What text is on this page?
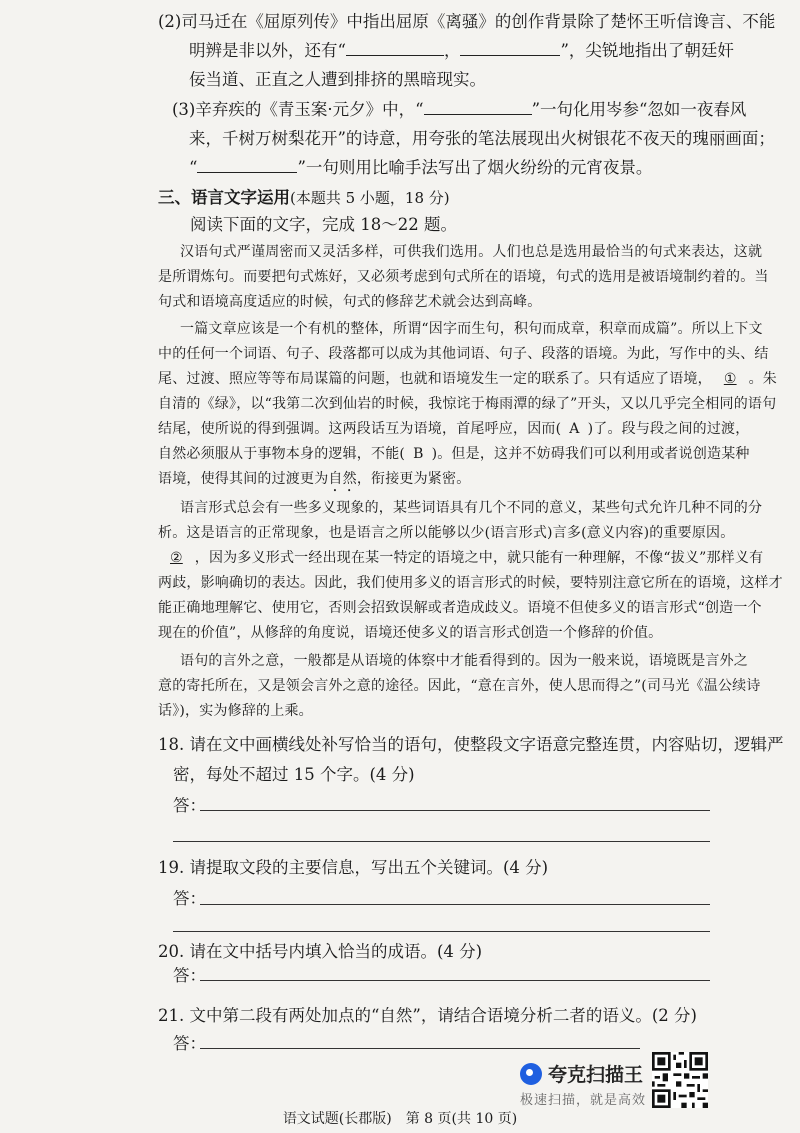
(2)司马迁在《屈原列传》中指出屈原《离骚》的创作背景除了楚怀王听信谗言、不能
明辨是非以外，还有“	，	”，尖锐地指出了朝廷奸
佞当道、正直之人遭到排挤的黑暗现实。
(3)辛弃疾的《青玉案·元夕》中，“	”一句化用岑参“忽如一夜春风
来，千树万树梨花开”的诗意，用夸张的笔法展现出火树银花不夜天的瑰丽画面；
“	”一句则用比喻手法写出了烟火纷纷的元宵夜景。
三、语言文字运用(本题共 5 小题，18 分)
阅读下面的文字，完成 18～22 题。
汉语句式严谨周密而又灵活多样，可供我们选用。人们也总是选用最恰当的句式来表达，这就
是所谓炼句。而要把句式炼好，又必须考虑到句式所在的语境，句式的选用是被语境制约着的。当
句式和语境高度适应的时候，句式的修辞艺术就会达到高峰。
一篇文章应该是一个有机的整体，所谓“因字而生句，积句而成章，积章而成篇”。所以上下文
中的任何一个词语、句子、段落都可以成为其他词语、句子、段落的语境。为此，写作中的头、结
尾、过渡、照应等等布局谋篇的问题，也就和语境发生一定的联系了。只有适应了语境， ① 。朱
自清的《绿》，以“我第二次到仙岩的时候，我惊诧于梅雨潭的绿了”开头，又以几乎完全相同的语句
结尾，使所说的得到强调。这两段话互为语境，首尾呼应，因而( A )了。段与段之间的过渡，
自然必须服从于事物本身的逻辑，不能( B )。但是，这并不妨碍我们可以利用或者说创造某种
语境，使得其间的过渡更为自然，衔接更为紧密。
语言形式总会有一些多义现象的，某些词语具有几个不同的意义，某些句式允许几种不同的分
析。这是语言的正常现象，也是语言之所以能够以少(语言形式)言多(意义内容)的重要原因。
② ，因为多义形式一经出现在某一特定的语境之中，就只能有一种理解，不像“拔义”那样义有
两歧，影响确切的表达。因此，我们使用多义的语言形式的时候，要特别注意它所在的语境，这样才
能正确地理解它、使用它，否则会招致误解或者造成歧义。语境不但使多义的语言形式“创造一个
现在的价值”，从修辞的角度说，语境还使多义的语言形式创造一个修辞的价值。
语句的言外之意，一般都是从语境的体察中才能看得到的。因为一般来说，语境既是言外之
意的寄托所在，又是领会言外之意的途径。因此，“意在言外，使人思而得之”(司马光《温公续诗
话》)，实为修辞的上乘。
18. 请在文中画横线处补写恰当的语句，使整段文字语意完整连贯，内容贴切，逻辑严
密，每处不超过 15 个字。(4 分)
答：
19. 请提取文段的主要信息，写出五个关键词。(4 分)
答：
20. 请在文中括号内填入恰当的成语。(4 分)
答：
21. 文中第二段有两处加点的“自然”，请结合语境分析二者的语义。(2 分)
答：
语文试题(长郡版)　第 8 页(共 10 页)
夸克扫描王
极速扫描，就是高效
